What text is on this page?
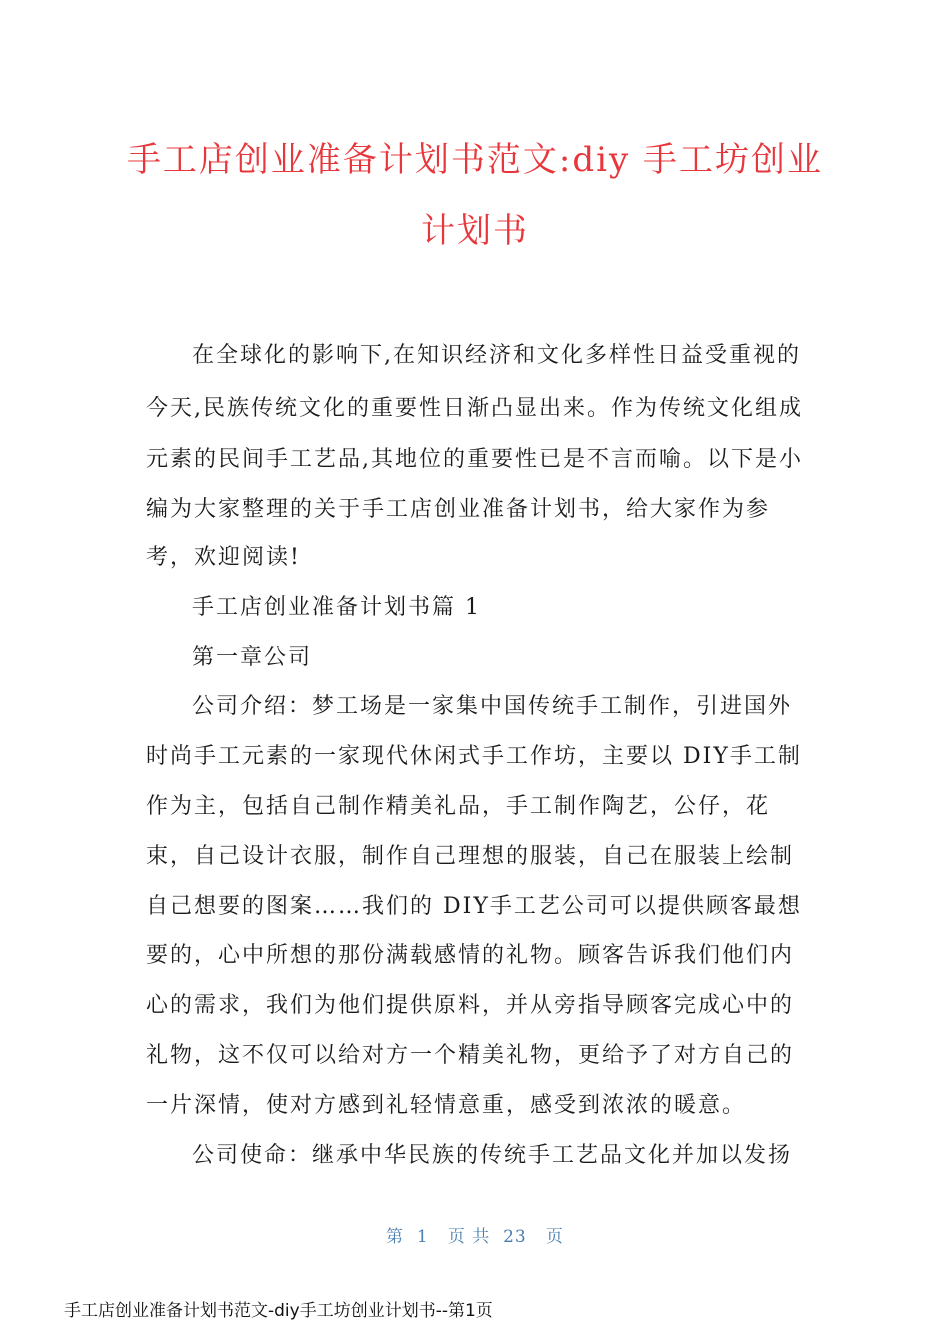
手工店创业准备计划书范文:diy 手工坊创业
计划书
在全球化的影响下,在知识经济和文化多样性日益受重视的
今天,民族传统文化的重要性日渐凸显出来。作为传统文化组成
元素的民间手工艺品,其地位的重要性已是不言而喻。以下是小
编为大家整理的关于手工店创业准备计划书，给大家作为参
考，欢迎阅读!
手工店创业准备计划书篇 1
第一章公司
公司介绍：梦工场是一家集中国传统手工制作，引进国外
时尚手工元素的一家现代休闲式手工作坊，主要以 DIY手工制
作为主，包括自己制作精美礼品，手工制作陶艺，公仔，花
束，自己设计衣服，制作自己理想的服装，自己在服装上绘制
自己想要的图案……我们的 DIY手工艺公司可以提供顾客最想
要的，心中所想的那份满载感情的礼物。顾客告诉我们他们内
心的需求，我们为他们提供原料，并从旁指导顾客完成心中的
礼物，这不仅可以给对方一个精美礼物，更给予了对方自己的
一片深情，使对方感到礼轻情意重，感受到浓浓的暖意。
公司使命：继承中华民族的传统手工艺品文化并加以发扬
第  1   页 共  23   页
手工店创业准备计划书范文-diy手工坊创业计划书--第1页
